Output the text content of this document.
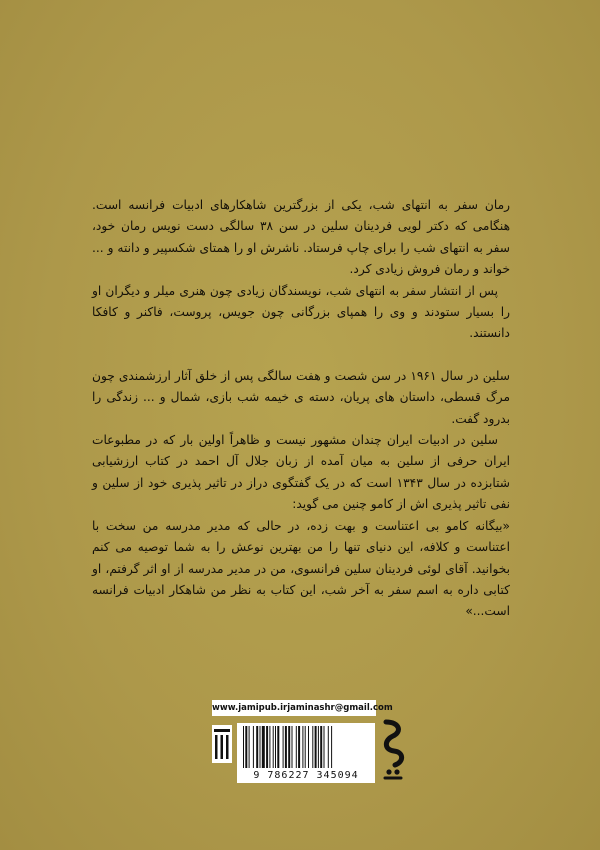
رمان سفر به انتهای شب، یکی از بزرگترین شاهکارهای ادبیات فرانسه است. هنگامی که دکتر لویی فردینان سلین در سن ۳۸ سالگی دست نویس رمان خود، سفر به انتهای شب را برای چاپ فرستاد. ناشرش او را همتای شکسپیر و دانته و ... خواند و رمان فروش زیادی کرد.

پس از انتشار سفر به انتهای شب، نویسندگان زیادی چون هنری میلر و دیگران او را بسیار ستودند و وی را همپای بزرگانی چون جویس، پروست، فاکنر و کافکا دانستند.

سلین در سال ۱۹۶۱ در سن شصت و هفت سالگی پس از خلق آثار ارزشمندی چون مرگ قسطی، داستان های پریان، دسته ی خیمه شب بازی، شمال و ... زندگی را بدرود گفت.

سلین در ادبیات ایران چندان مشهور نیست و ظاهراً اولین بار که در مطبوعات ایران حرفی از سلین به میان آمده از زبان جلال آل احمد در کتاب ارزشیابی شتابزده در سال ۱۳۴۳ است که در یک گفتگوی دراز در تاثیر پذیری خود از سلین و نفی تاثیر پذیری اش از کامو چنین می گوید:

«بیگانه کامو بی اعتناست و بهت زده، در حالی که مدیر مدرسه من سخت با اعتناست و کلافه، این دنیای تنها را من بهترین نوعش را به شما توصیه می کنم بخوانید. آقای لوئی فردینان سلین فرانسوی، من در مدیر مدرسه از او اثر گرفتم، او کتابی داره به اسم سفر به آخر شب، این کتاب به نظر من شاهکار ادبیات فرانسه است...»

www.jamipub.ir jaminashr@gmail.com
9 786227 345094
